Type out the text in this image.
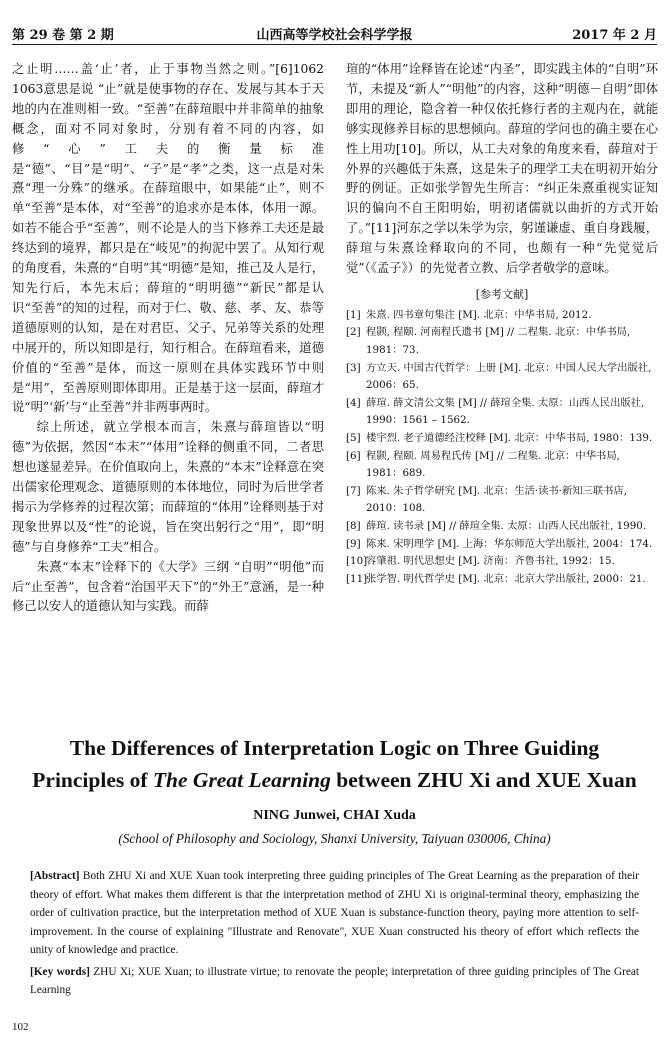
第 29 卷 第 2 期	山西高等学校社会科学学报	2017 年 2 月

之止明……盖‘止’者，止于事物当然之则。”[6]1062 1063意思是说 “止”就是使事物的存在、发展与其本于天地的内在准则相一致。“至善”在薛瑄眼中并非简单的抽象概念，面对不同对象时，分别有着不同的内容，如修“心”工夫的衡量标准是“德”、“目”是“明”、“子”是“孝”之类，这一点是对朱熹“理一分殊”的继承。在薛瑄眼中，如果能“止”，则不单“至善”是本体，对“至善”的追求亦是本体，体用一源。如若不能合乎“至善”，则不论是人的当下修养工夫还是最终达到的境界，都只是在“岐见”的拘泥中罢了。从知行观的角度看，朱熹的“自明”其“明德”是知，推己及人是行，知先行后，本先末后；薛瑄的“明明德”“新民”都是认识“至善”的知的过程，而对于仁、敬、慈、孝、友、恭等道德原则的认知，是在对君臣、父子、兄弟等关系的处理中展开的，所以知即是行，知行相合。在薛瑄看来，道德价值的“至善”是体，而这一原则在具体实践环节中则是“用”，至善原则即体即用。正是基于这一层面，薛瑄才说“明”‘新’与“止至善”并非两事两时。

综上所述，就立学根本而言，朱熹与薛瑄皆以“明德”为依据，然因“本末”“体用”诠释的侧重不同，二者思想也遂显差异。在价值取向上，朱熹的“本末”诠释意在突出儒家伦理观念、道德原则的本体地位，同时为后世学者揭示为学修养的过程次第；而薛瑄的“体用”诠释则基于对现象世界以及“性”的论说，旨在突出躬行之“用”，即“明德”与自身修养“工夫”相合。

朱熹“本末”诠释下的《大学》三纲 “自明”“明他”而后“止至善”，包含着“治国平天下”的“外王”意涵，是一种修己以安人的道德认知与实践。而薛

瑄的“体用”诠释皆在论述“内圣”，即实践主体的“自明”环节，未提及“新人”“明他”的内容，这种“明德－自明”即体即用的理论，隐含着一种仅依托修行者的主观内在，就能够实现修养目标的思想倾向。薛瑄的学问也的确主要在心性上用功[10]。所以，从工夫对象的角度来看，薛瑄对于外界的兴趣低于朱熹，这是朱子的理学工夫在明初开始分野的例证。正如张学智先生所言：“纠正朱熹重视实证知识的偏向不自王阳明始，明初诸儒就以曲折的方式开始了。”[11]河东之学以朱学为宗，躬谨谦虚、重自身践履，薛瑄与朱熹诠释取向的不同，也颇有一种“先觉觉后觉”（《孟子》）的先觉者立教、后学者敬学的意味。

[参考文献]
[1] 朱熹. 四书章句集注 [M]. 北京：中华书局, 2012.
[2] 程颢, 程颐. 河南程氏遗书 [M] // 二程集. 北京：中华书局, 1981：73.
[3] 方立天. 中国古代哲学：上册 [M]. 北京：中国人民大学出版社, 2006：65.
[4] 薛瑄. 薛文清公文集 [M] // 薛瑄全集. 太原：山西人民出版社, 1990：1561 – 1562.
[5] 楼宇烈. 老子道德经注校释 [M]. 北京：中华书局, 1980：139.
[6] 程颢, 程颐. 周易程氏传 [M] // 二程集. 北京：中华书局, 1981：689.
[7] 陈来. 朱子哲学研究 [M]. 北京：生活·读书·新知三联书店, 2010：108.
[8] 薛瑄. 读书录 [M] // 薛瑄全集. 太原：山西人民出版社, 1990.
[9] 陈来. 宋明理学 [M]. 上海：华东师范大学出版社, 2004：174.
[10]
容肇祖. 明代思想史 [M]. 济南：齐鲁书社, 1992：15.
[11]
张学智. 明代哲学史 [M]. 北京：北京大学出版社, 2000：21.
The Differences of Interpretation Logic on Three Guiding
Principles of The Great Learning between ZHU Xi and XUE Xuan
NING Junwei, CHAI Xuda
(School of Philosophy and Sociology, Shanxi University, Taiyuan 030006, China)

[Abstract] Both ZHU Xi and XUE Xuan took interpreting three guiding principles of The Great Learning as the preparation of their theory of effort. What makes them different is that the interpretation method of ZHU Xi is original-terminal theory, emphasizing the order of cultivation practice, but the interpretation method of XUE Xuan is substance-function theory, paying more attention to self-improvement. In the course of explaining "Illustrate and Renovate", XUE Xuan constructed his theory of effort which reflects the unity of knowledge and practice.

[Key words] ZHU Xi; XUE Xuan; to illustrate virtue; to renovate the people; interpretation of three guiding principles of The Great Learning

102
